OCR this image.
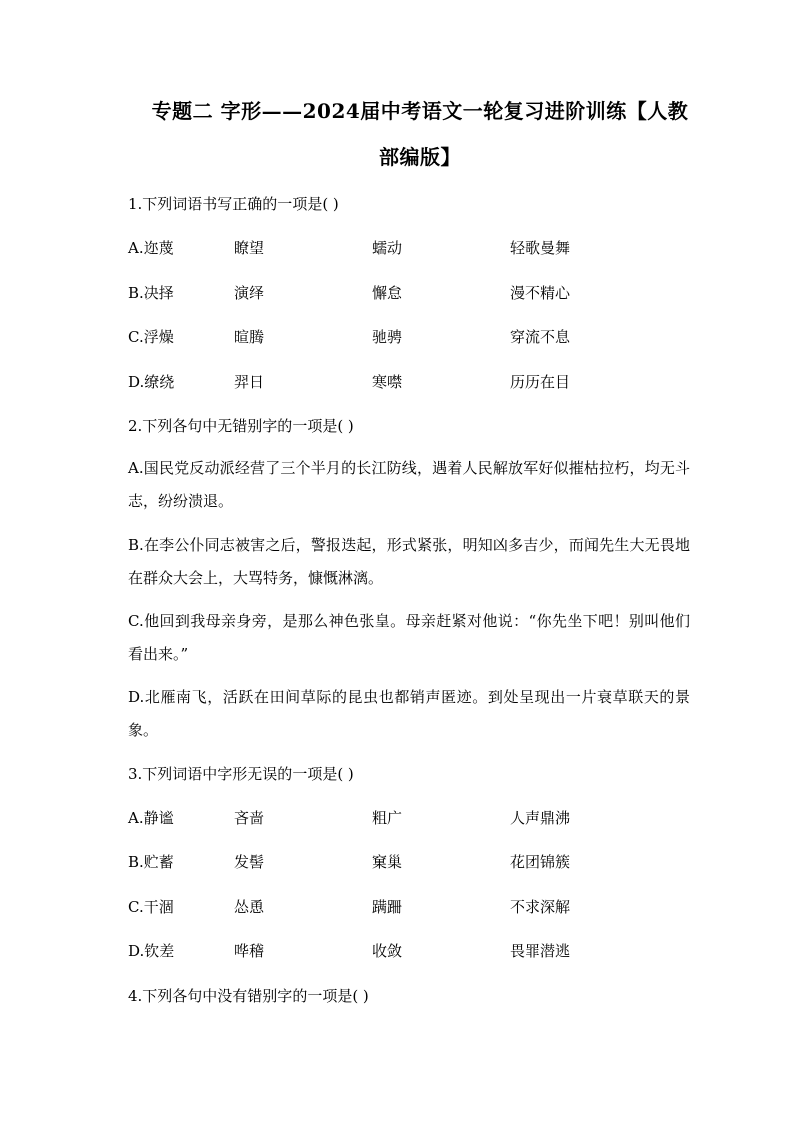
专题二 字形——2024届中考语文一轮复习进阶训练【人教
部编版】
1.下列词语书写正确的一项是( )
A.迩蔑	瞭望	蠕动	轻歌曼舞
B.决择	演绎	懈怠	漫不精心
C.浮燥	暄腾	驰骋	穿流不息
D.缭绕	羿日	寒噤	历历在目
2.下列各句中无错别字的一项是( )
A.国民党反动派经营了三个半月的长江防线，遇着人民解放军好似摧枯拉朽，均无斗志，纷纷溃退。
B.在李公仆同志被害之后，警报迭起，形式紧张，明知凶多吉少，而闻先生大无畏地在群众大会上，大骂特务，慷慨淋漓。
C.他回到我母亲身旁，是那么神色张皇。母亲赶紧对他说：“你先坐下吧！别叫他们看出来。”
D.北雁南飞，活跃在田间草际的昆虫也都销声匿迹。到处呈现出一片衰草联天的景象。
3.下列词语中字形无误的一项是( )
A.静谧	吝啬	粗广	人声鼎沸
B.贮蓄	发髻	窠巢	花团锦簇
C.干涸	怂恿	蹒跚	不求深解
D.钦差	哗稽	收敛	畏罪潜逃
4.下列各句中没有错别字的一项是( )
